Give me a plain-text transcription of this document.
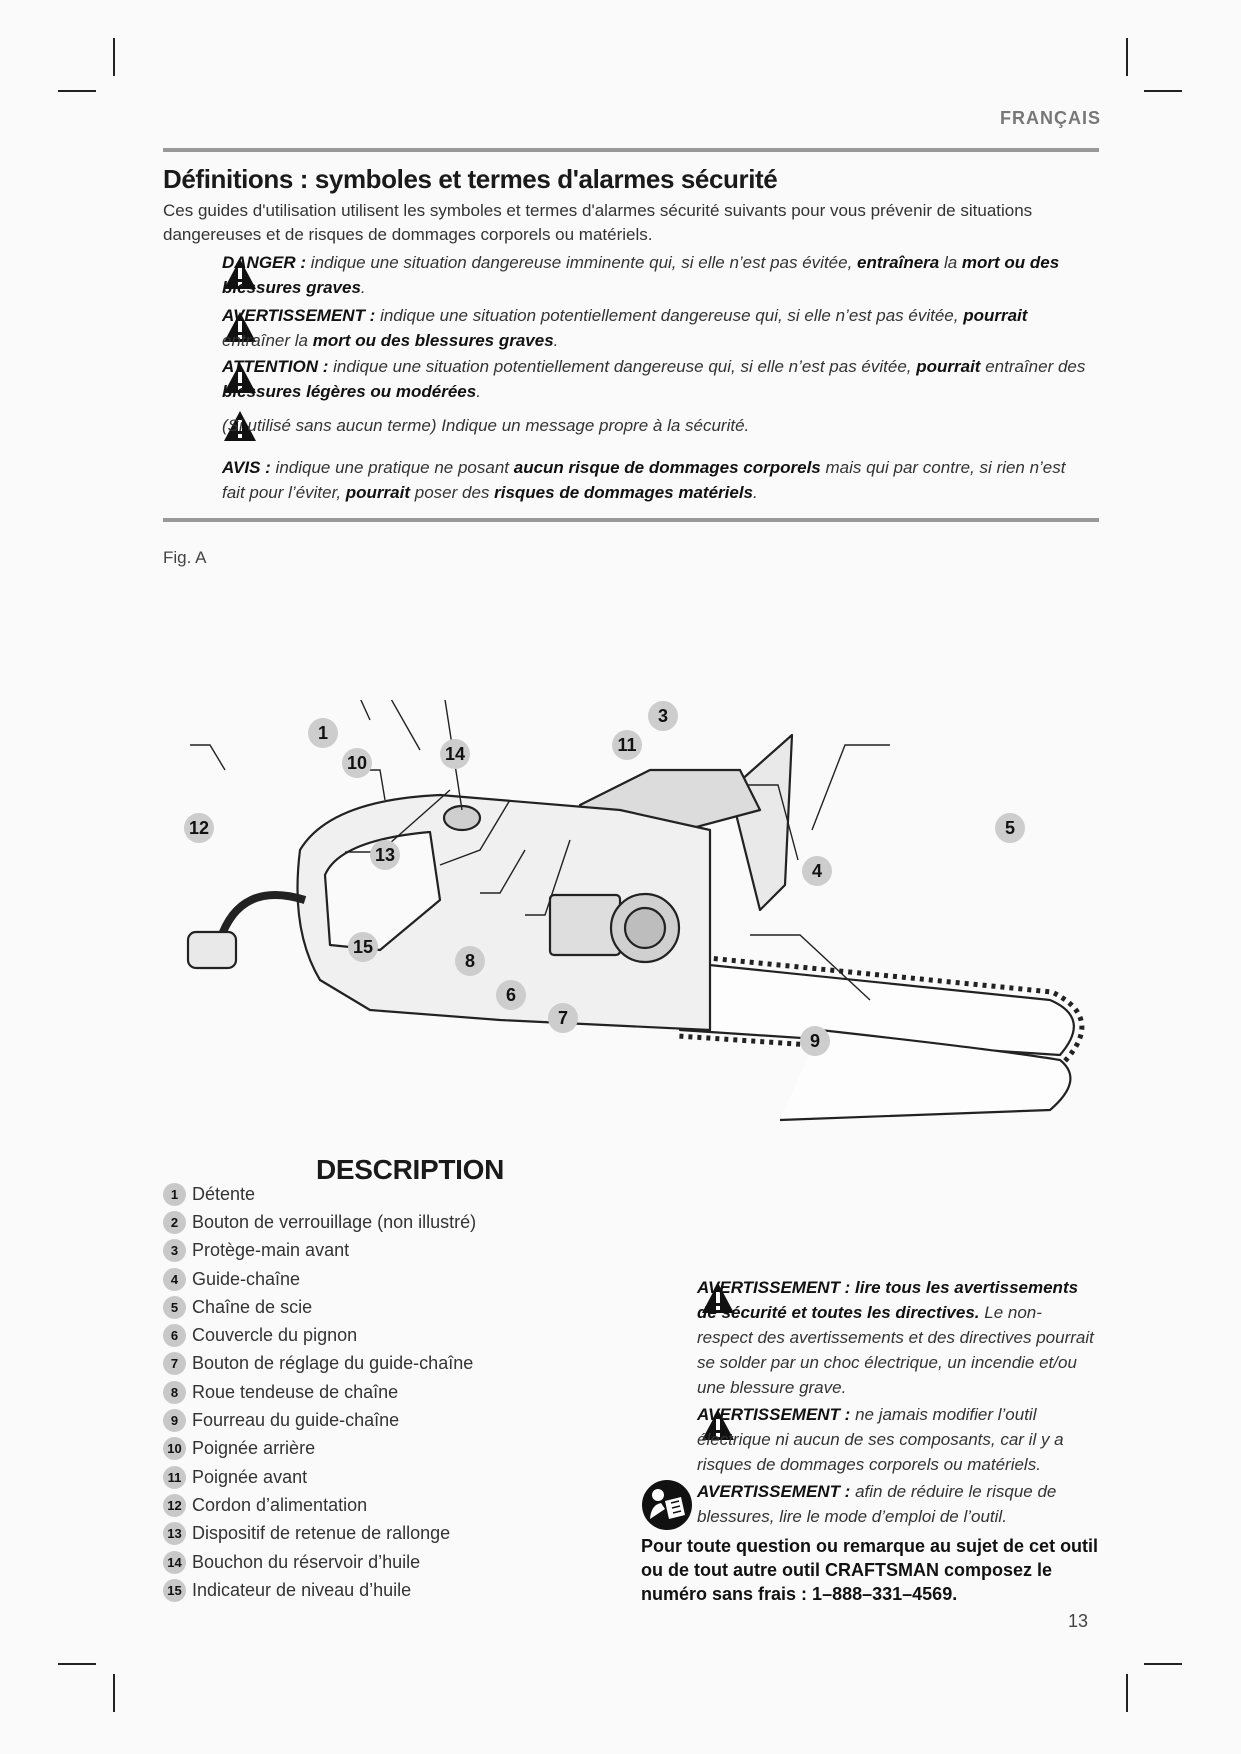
FRANÇAIS
Définitions : symboles et termes d'alarmes sécurité
Ces guides d'utilisation utilisent les symboles et termes d'alarmes sécurité suivants pour vous prévenir de situations dangereuses et de risques de dommages corporels ou matériels.
DANGER : indique une situation dangereuse imminente qui, si elle n’est pas évitée, entraînera la mort ou des blessures graves.
AVERTISSEMENT : indique une situation potentiellement dangereuse qui, si elle n’est pas évitée, pourrait entraîner la mort ou des blessures graves.
ATTENTION : indique une situation potentiellement dangereuse qui, si elle n’est pas évitée, pourrait entraîner des blessures légères ou modérées.
(Si utilisé sans aucun terme) Indique un message propre à la sécurité.
AVIS : indique une pratique ne posant aucun risque de dommages corporels mais qui par contre, si rien n’est fait pour l’éviter, pourrait poser des risques de dommages matériels.
Fig. A
1
3
4
5
6
7
8
9
10
11
12
13
14
15
DESCRIPTION
1 Détente
2 Bouton de verrouillage (non illustré)
3 Protège-main avant
4 Guide-chaîne
5 Chaîne de scie
6 Couvercle du pignon
7 Bouton de réglage du guide-chaîne
8 Roue tendeuse de chaîne
9 Fourreau du guide-chaîne
10 Poignée arrière
11 Poignée avant
12 Cordon d’alimentation
13 Dispositif de retenue de rallonge
14 Bouchon du réservoir d’huile
15 Indicateur de niveau d’huile
AVERTISSEMENT : lire tous les avertissements de sécurité et toutes les directives. Le non-respect des avertissements et des directives pourrait se solder par un choc électrique, un incendie et/ou une blessure grave.
AVERTISSEMENT : ne jamais modifier l’outil électrique ni aucun de ses composants, car il y a risques de dommages corporels ou matériels.
AVERTISSEMENT : afin de réduire le risque de blessures, lire le mode d’emploi de l’outil.
Pour toute question ou remarque au sujet de cet outil ou de tout autre outil CRAFTSMAN composez le numéro sans frais : 1–888–331–4569.
13
